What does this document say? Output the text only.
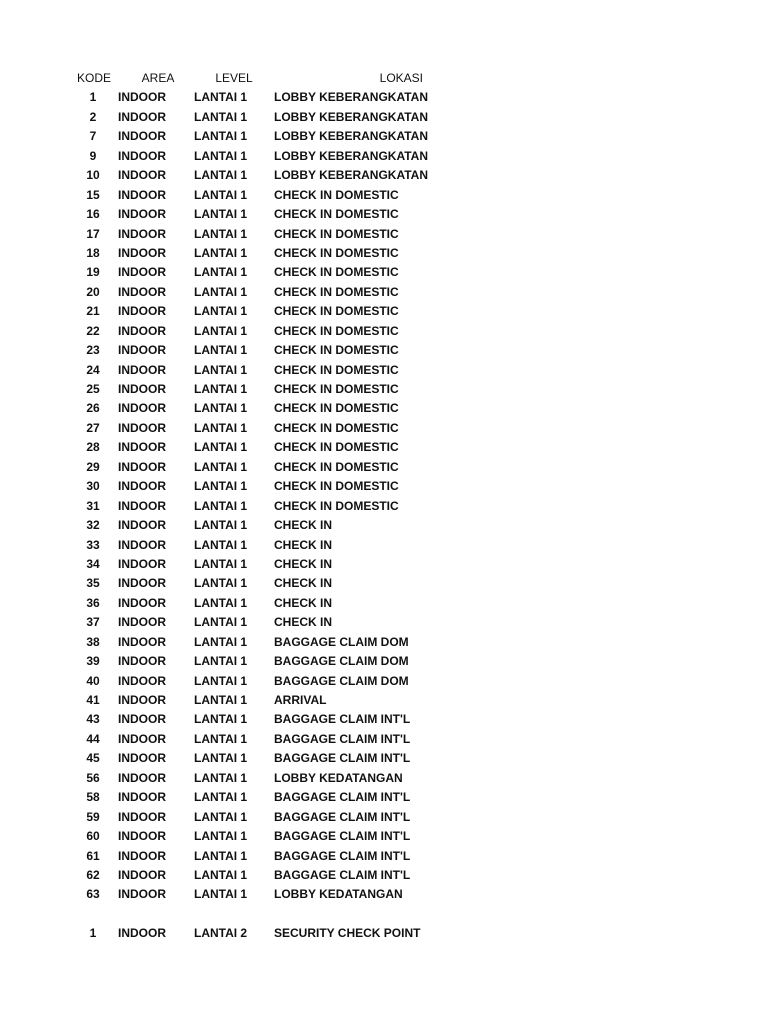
KODE	AREA	LEVEL	LOKASI
1	INDOOR	LANTAI 1	LOBBY KEBERANGKATAN
2	INDOOR	LANTAI 1	LOBBY KEBERANGKATAN
7	INDOOR	LANTAI 1	LOBBY KEBERANGKATAN
9	INDOOR	LANTAI 1	LOBBY KEBERANGKATAN
10	INDOOR	LANTAI 1	LOBBY KEBERANGKATAN
15	INDOOR	LANTAI 1	CHECK IN DOMESTIC
16	INDOOR	LANTAI 1	CHECK IN DOMESTIC
17	INDOOR	LANTAI 1	CHECK IN DOMESTIC
18	INDOOR	LANTAI 1	CHECK IN DOMESTIC
19	INDOOR	LANTAI 1	CHECK IN DOMESTIC
20	INDOOR	LANTAI 1	CHECK IN DOMESTIC
21	INDOOR	LANTAI 1	CHECK IN DOMESTIC
22	INDOOR	LANTAI 1	CHECK IN DOMESTIC
23	INDOOR	LANTAI 1	CHECK IN DOMESTIC
24	INDOOR	LANTAI 1	CHECK IN DOMESTIC
25	INDOOR	LANTAI 1	CHECK IN DOMESTIC
26	INDOOR	LANTAI 1	CHECK IN DOMESTIC
27	INDOOR	LANTAI 1	CHECK IN DOMESTIC
28	INDOOR	LANTAI 1	CHECK IN DOMESTIC
29	INDOOR	LANTAI 1	CHECK IN DOMESTIC
30	INDOOR	LANTAI 1	CHECK IN DOMESTIC
31	INDOOR	LANTAI 1	CHECK IN DOMESTIC
32	INDOOR	LANTAI 1	CHECK IN
33	INDOOR	LANTAI 1	CHECK IN
34	INDOOR	LANTAI 1	CHECK IN
35	INDOOR	LANTAI 1	CHECK IN
36	INDOOR	LANTAI 1	CHECK IN
37	INDOOR	LANTAI 1	CHECK IN
38	INDOOR	LANTAI 1	BAGGAGE CLAIM DOM
39	INDOOR	LANTAI 1	BAGGAGE CLAIM DOM
40	INDOOR	LANTAI 1	BAGGAGE CLAIM DOM
41	INDOOR	LANTAI 1	ARRIVAL
43	INDOOR	LANTAI 1	BAGGAGE CLAIM INT'L
44	INDOOR	LANTAI 1	BAGGAGE CLAIM INT'L
45	INDOOR	LANTAI 1	BAGGAGE CLAIM INT'L
56	INDOOR	LANTAI 1	LOBBY KEDATANGAN
58	INDOOR	LANTAI 1	BAGGAGE CLAIM INT'L
59	INDOOR	LANTAI 1	BAGGAGE CLAIM INT'L
60	INDOOR	LANTAI 1	BAGGAGE CLAIM INT'L
61	INDOOR	LANTAI 1	BAGGAGE CLAIM INT'L
62	INDOOR	LANTAI 1	BAGGAGE CLAIM INT'L
63	INDOOR	LANTAI 1	LOBBY KEDATANGAN
1	INDOOR	LANTAI 2	SECURITY CHECK POINT
